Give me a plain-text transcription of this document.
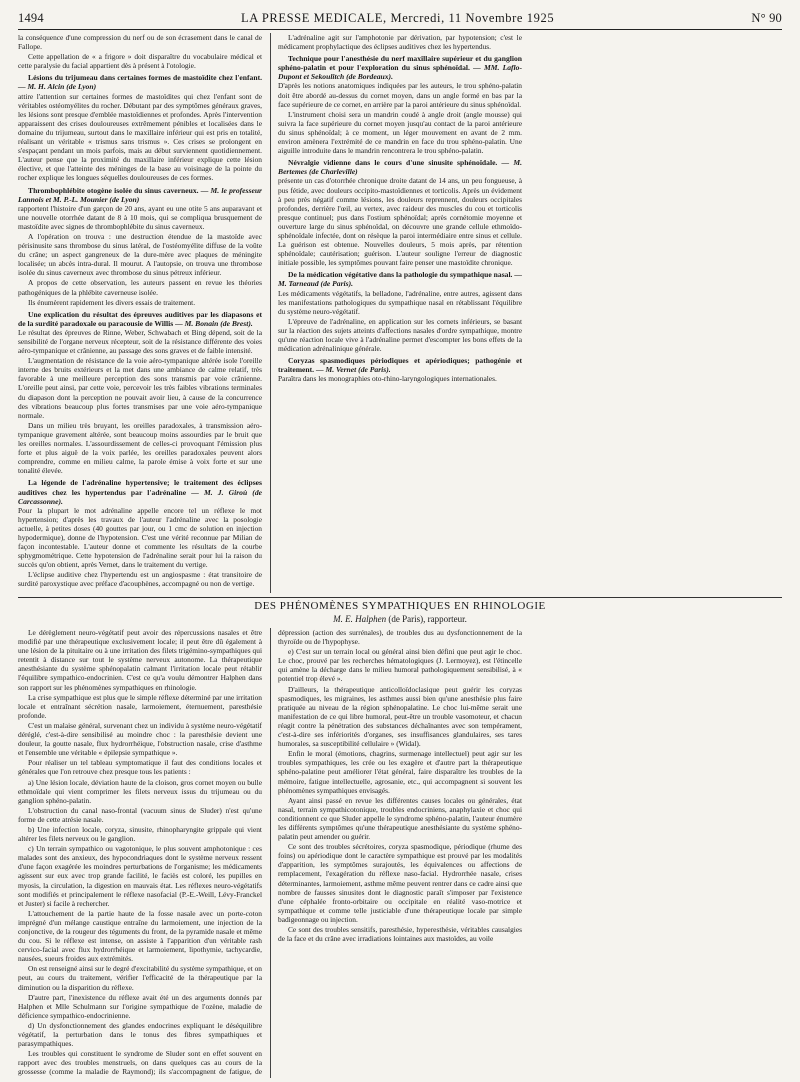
1494	LA PRESSE MEDICALE, Mercredi, 11 Novembre 1925	N° 90

la conséquence d'une compression du nerf ou de son écrasement dans le canal de Fallope.

Cette appellation de « a frigore » doit disparaître du vocabulaire médical et cette paralysie du facial appartient dès à présent à l'otologie.

Lésions du trijumeau dans certaines formes de mastoïdite chez l'enfant. — M. H. Alcin (de Lyon)

attire l'attention sur certaines formes de mastoïdites qui chez l'enfant sont de véritables ostéomyélites du rocher. Débutant par des symptômes généraux graves, les lésions sont presque d'emblée mastoïdiennes et profondes. Après l'intervention apparaissent des crises douloureuses extrêmement pénibles et localisées dans le domaine du trijumeau, surtout dans le maxillaire inférieur qui est pris en totalité, réalisant un véritable « trismus sans trismus ». Ces crises se prolongent en s'espaçant pendant un mois parfois, mais au début surviennent quotidiennement. L'auteur pense que la proximité du maxillaire inférieur explique cette lésion élective, et que l'atteinte des méninges de la base au voisinage de la pointe du rocher explique les longues séquelles douloureuses de ces formes.

Thrombophlébite otogène isolée du sinus caverneux. — M. le professeur Lannois et M. P.-L. Mounier (de Lyon)

rapportent l'histoire d'un garçon de 20 ans, ayant eu une otite 5 ans auparavant et une nouvelle otorrhée datant de 8 à 10 mois, qui se compliqua brusquement de mastoïdite avec signes de thrombophlébite du sinus caverneux.

A l'opération on trouva : une destruction étendue de la mastoïde avec périsinusite sans thrombose du sinus latéral, de l'ostéomyélite diffuse de la voûte du crâne; un aspect gangreneux de la dure-mère avec plaques de méningite localisée; un abcès intra-dural. Il mourut. A l'autopsie, on trouva une thrombose isolée du sinus caverneux avec thrombose du sinus pétreux inférieur.

A propos de cette observation, les auteurs passent en revue les théories pathogéniques de la phlébite caverneuse isolée.

Ils énumèrent rapidement les divers essais de traitement.

Une explication du résultat des épreuves auditives par les diapasons et de la surdité paradoxale ou paracousie de Willis — M. Bonain (de Brest).

Le résultat des épreuves de Rinne, Weber, Schwabach et Bing dépend, soit de la sensibilité de l'organe nerveux récepteur, soit de la résistance différente des voies aéro-tympanique et crânienne, au passage des sons graves et de faible intensité.

L'augmentation de résistance de la voie aéro-tympanique altérée isole l'oreille interne des bruits extérieurs et la met dans une ambiance de calme relatif, très favorable à une meilleure perception des sons transmis par voie crânienne. L'oreille peut ainsi, par cette voie, percevoir les très faibles vibrations terminales du diapason dont la perception ne pouvait avoir lieu, à cause de la concurrence des vibrations beaucoup plus fortes transmises par une voie aéro-tympanique normale.

Dans un milieu très bruyant, les oreilles paradoxales, à transmission aéro-tympanique gravement altérée, sont beaucoup moins assourdies par le bruit que les oreilles normales. L'assourdissement de celles-ci provoquant l'émission plus forte et plus aiguë de la voix parlée, les oreilles paradoxales peuvent alors comprendre, comme en milieu calme, la parole émise à voix forte et sur une tonalité élevée.

La légende de l'adrénaline hypertensive; le traitement des éclipses auditives chez les hypertendus par l'adrénaline — M. J. Giroù (de Carcassonne).

Pour la plupart le mot adrénaline appelle encore tel un réflexe le mot hypertension; d'après les travaux de l'auteur l'adrénaline avec la posologie actuelle, à petites doses (40 gouttes par jour, ou 1 cmc de solution en injection hypodermique), donne de l'hypotension. C'est une vérité reconnue par Milian de façon incontestable. L'auteur donne et commente les résultats de la courbe sphygmométrique. Cette hypotension de l'adrénaline serait pour lui la raison du succès qu'on obtient, après Vernet, dans le traitement du vertige.

L'éclipse auditive chez l'hypertendu est un angiospasme : état transitoire de surdité paroxystique avec préface d'acouphènes, accompagné ou non de vertige.

L'adrénaline agit sur l'amphotonie par dérivation, par hypotension; c'est le médicament prophylactique des éclipses auditives chez les hypertendus.

Technique pour l'anesthésie du nerf maxillaire supérieur et du ganglion sphéno-palatin et pour l'exploration du sinus sphénoïdal. — MM. Laflo-Dupont et Sekoulitch (de Bordeaux).

D'après les notions anatomiques indiquées par les auteurs, le trou sphéno-palatin doit être abordé au-dessus du cornet moyen, dans un angle formé en bas par la face supérieure de ce cornet, en arrière par la paroi antérieure du sinus sphénoïdal.

L'instrument choisi sera un mandrin coudé à angle droit (angle mousse) qui suivra la face supérieure du cornet moyen jusqu'au contact de la paroi antérieure du sinus sphénoïdal; à ce moment, un léger mouvement en avant de 2 mm. environ amènera l'extrémité de ce mandrin en face du trou sphéno-palatin. Une aiguille introduite dans le mandrin rencontrera le trou sphéno-palatin.

Névralgie vidienne dans le cours d'une sinusite sphénoïdale. — M. Bertemes (de Charleville)

présente un cas d'otorrhée chronique droite datant de 14 ans, un peu fongueuse, à pus fétide, avec douleurs occipito-mastoïdiennes et torticolis. Après un évidement à peu près négatif comme lésions, les douleurs reprennent, douleurs occipitales profondes, derrière l'œil, au vertex, avec raideur des muscles du cou et torticolis presque continuel; pus dans l'ostium sphénoïdal; après cornétomie moyenne et ouverture large du sinus sphénoïdal, on découvre une grande cellule ethmoïdo-sphénoïdale infectée, dont on résèque la paroi intermédiaire entre sinus et cellule. La guérison est obtenue. Nouvelles douleurs, 5 mois après, par rétention sphénoïdale; cautérisation; guérison. L'auteur souligne l'erreur de diagnostic initiale possible, les symptômes pouvant faire penser une mastoïdite chronique.

De la médication végétative dans la pathologie du sympathique nasal. — M. Tarneaud (de Paris).

Les médicaments végétatifs, la belladone, l'adrénaline, entre autres, agissent dans les manifestations pathologiques du sympathique nasal en rétablissant l'équilibre du système neuro-végétatif.

L'épreuve de l'adrénaline, en application sur les cornets inférieurs, se basant sur la réaction des sujets atteints d'affections nasales d'ordre sympathique, montre qu'une réaction locale vive à l'adrénaline permet d'escompter les bons effets de la médication adrénalinique générale.

Coryzas spasmodiques périodiques et apériodiques; pathogénie et traitement. — M. Vernet (de Paris).

Paraîtra dans les monographies oto-rhino-laryngologiques internationales.

DES PHÉNOMÈNES SYMPATHIQUES EN RHINOLOGIE
M. E. Halphen (de Paris), rapporteur.

Le dérèglement neuro-végétatif peut avoir des répercussions nasales et être modifié par une thérapeutique exclusivement locale; il peut être dû également à une lésion de la pituitaire ou à une irritation des filets trigémino-sympathiques qui retentit à distance sur tout le système nerveux autonome. La thérapeutique anesthésiante du système sphénopalatin calmant l'irritation locale peut rétablir l'équilibre sympathico-endocrinien. C'est ce qu'a voulu démontrer Halphen dans son rapport sur les phénomènes sympathiques en rhinologie.

La crise sympathique est plus que le simple réflexe déterminé par une irritation locale et entraînant sécrétion nasale, larmoiement, éternuement, paresthésie profonde.

C'est un malaise général, survenant chez un individu à système neuro-végétatif déréglé, c'est-à-dire sensibilisé au moindre choc : la paresthésie devient une douleur, la goutte nasale, flux hydrorrhéique, l'obstruction nasale, crise d'asthme et l'ensemble une véritable « épilepsie sympathique ».

Pour réaliser un tel tableau symptomatique il faut des conditions locales et générales que l'on retrouve chez presque tous les patients :

a) Une lésion locale, déviation haute de la cloison, gros cornet moyen ou bulle ethmoïdale qui vient comprimer les filets nerveux issus du trijumeau ou du ganglion sphéno-palatin.

L'obstruction du canal naso-frontal (vacuum sinus de Sluder) n'est qu'une forme de cette atrésie nasale.

b) Une infection locale, coryza, sinusite, rhinopharyngite grippale qui vient altérer les filets nerveux ou le ganglion.

c) Un terrain sympathico ou vagotonique, le plus souvent amphotonique : ces malades sont des anxieux, des hypocondriaques dont le système nerveux ressent d'une façon exagérée les moindres perturbations de l'organisme; les médicaments agissent sur eux avec trop grande facilité, le faciès est coloré, les pupilles en myosis, la circulation, la digestion en mauvais état. Les réflexes neuro-végétatifs sont modifiés et principalement le réflexe nasofacial (P.-E.-Weill, Lévy-Franckel et Juster) si facile à rechercher.

L'attouchement de la partie haute de la fosse nasale avec un porte-coton imprégné d'un mélange caustique entraîne du larmoiement, une injection de la conjonctive, de la rougeur des téguments du front, de la pyramide nasale et même du cou. Si le réflexe est intense, on assiste à l'apparition d'un véritable rash cervico-facial avec flux hydrorrhéique et larmoiement, lipothymie, tachycardie, nausées, sueurs froides aux extrémités.

On est renseigné ainsi sur le degré d'excitabilité du système sympathique, et on peut, au cours du traitement, vérifier l'efficacité de la thérapeutique par la diminution ou la disparition du réflexe.

D'autre part, l'inexistence du réflexe avait été un des arguments donnés par Halphen et Mlle Schulmann sur l'origine sympathique de l'ozène, maladie de déficience sympathico-endocrinienne.

d) Un dysfonctionnement des glandes endocrines expliquant le déséquilibre végétatif, la perturbation dans le tonus des fibres sympathiques et parasympathiques.

Les troubles qui constituent le syndrome de Sluder sont en effet souvent en rapport avec des troubles menstruels, on dans quelques cas au cours de la grossesse (comme la maladie de Raymond); ils s'accompagnent de fatigue, de dépression (action des surrénales), de troubles dus au dysfonctionnement de la thyroïde ou de l'hypophyse.

e) C'est sur un terrain local ou général ainsi bien défini que peut agir le choc. Le choc, prouvé par les recherches hématologiques (J. Lermoyez), est l'étincelle qui amène la décharge dans le milieu humoral pathologiquement sensibilisé, à « potentiel trop élevé ».

D'ailleurs, la thérapeutique anticolloïdoclasique peut guérir les coryzas spasmodiques, les migraines, les asthmes aussi bien qu'une anesthésie plus faire pratiquée au niveau de la région sphénopalatine. Le choc lui-même serait une manifestation de ce qui libre humoral, peut-être un trouble vasomoteur, et chacun réagit contre la pénétration des substances déchaînantes avec son tempérament, c'est-à-dire ses infériorités d'organes, ses insuffisances glandulaires, ses tares humorales, sa susceptibilité cellulaire » (Widal).

Enfin le moral (émotions, chagrins, surmenage intellectuel) peut agir sur les troubles sympathiques, les crée ou les exagère et d'autre part la thérapeutique sphéno-palatine peut améliorer l'état général, faire disparaître les troubles de la mémoire, fatigue intellectuelle, agrosanie, etc., qui accompagnent si souvent les phénomènes sympathiques envisagés.

Ayant ainsi passé en revue les différentes causes locales ou générales, état nasal, terrain sympathicotonique, troubles endocriniens, anaphylaxie et choc qui conditionnent ce que Sluder appelle le syndrome sphéno-palatin, l'auteur énumère les différents symptômes qu'une thérapeutique anesthésiante du système sphéno-palatin peut amender ou guérir.

Ce sont des troubles sécrétoires, coryza spasmodique, périodique (rhume des foins) ou apériodique dont le caractère sympathique est prouvé par les modalités d'apparition, les symptômes surajoutés, les équivalences ou affections de remplacement, l'exagération du réflexe naso-facial. Hydrorrhée nasale, crises déterminantes, larmoiement, asthme même peuvent rentrer dans ce cadre ainsi que nombre de fausses sinusites dont le diagnostic paraît s'imposer par l'existence d'une céphalée fronto-orbitaire ou occipitale en réalité vaso-motrice et sympathique et comme telle justiciable d'une thérapeutique locale par simple badigeonnage ou injection.

Ce sont des troubles sensitifs, paresthésie, hyperesthésie, véritables causalgies de la face et du crâne avec irradiations lointaines aux mastoïdes, au voile
